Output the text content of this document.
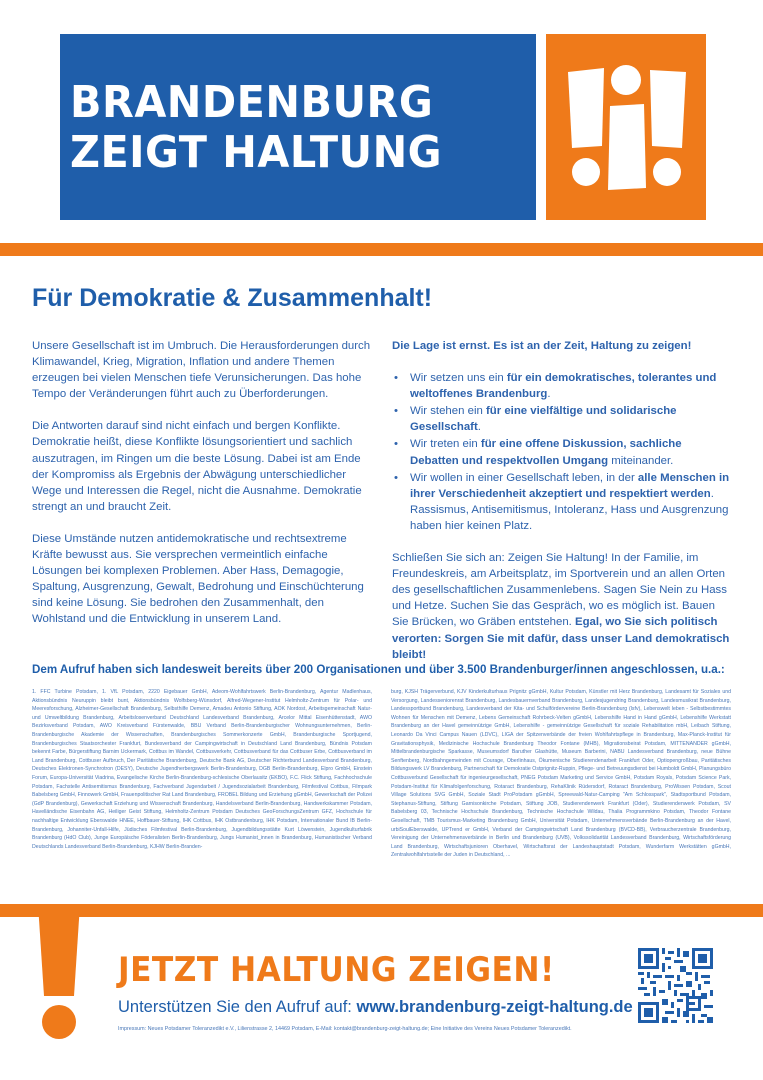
BRANDENBURG
ZEIGT HALTUNG
Für Demokratie & Zusammenhalt!

Unsere Gesellschaft ist im Umbruch. Die Herausforderungen durch Klimawandel, Krieg, Migration, Inflation und andere Themen erzeugen bei vielen Menschen tiefe Verunsicherungen. Das hohe Tempo der Veränderungen führt auch zu Überforderungen.

Die Antworten darauf sind nicht einfach und bergen Konflikte. Demokratie heißt, diese Konflikte lösungsorientiert und sachlich auszutragen, im Ringen um die beste Lösung. Dabei ist am Ende der Kompromiss als Ergebnis der Abwägung unterschiedlicher Wege und Interessen die Regel, nicht die Ausnahme. Demokratie strengt an und braucht Zeit.

Diese Umstände nutzen antidemokratische und rechtsextreme Kräfte bewusst aus. Sie versprechen vermeintlich einfache Lösungen bei komplexen Problemen. Aber Hass, Demagogie, Spaltung, Ausgrenzung, Gewalt, Bedrohung und Einschüchterung sind keine Lösung. Sie bedrohen den Zusammenhalt, den Wohlstand und die Entwicklung in unserem Land.

Die Lage ist ernst. Es ist an der Zeit, Haltung zu zeigen!

• Wir setzen uns ein für ein demokratisches, tolerantes und weltoffenes Brandenburg.
• Wir stehen ein für eine vielfältige und solidarische Gesellschaft.
• Wir treten ein für eine offene Diskussion, sachliche Debatten und respektvollen Umgang miteinander.
• Wir wollen in einer Gesellschaft leben, in der alle Menschen in ihrer Verschiedenheit akzeptiert und respektiert werden. Rassismus, Antisemitismus, Intoleranz, Hass und Ausgrenzung haben hier keinen Platz.

Schließen Sie sich an: Zeigen Sie Haltung! In der Familie, im Freundeskreis, am Arbeitsplatz, im Sportverein und an allen Orten des gesellschaftlichen Zusammenlebens. Sagen Sie Nein zu Hass und Hetze. Suchen Sie das Gespräch, wo es möglich ist. Bauen Sie Brücken, wo Gräben entstehen. Egal, wo Sie sich politisch verorten: Sorgen Sie mit dafür, dass unser Land demokratisch bleibt!

Dem Aufruf haben sich landesweit bereits über 200 Organisationen und über 3.500 Brandenburger/innen angeschlossen, u.a.:
1. FFC Turbine Potsdam, 1. VfL Potsdam, 2220 Eigebauer GmbH, Adeom-Wohlfahrtswerk Berlin-Brandenburg, Agentur Madlenhaus, Aktionsbündnis Neuruppin bleibt bunt, Aktionsbündnis Wolfsberg-Wünsdorf, Alfred-Wegener-Institut Helmholtz-Zentrum für Polar- und Meeresforschung, Alzheimer-Gesellschaft Brandenburg, Selbsthilfe Demenz, Amadeu Antonio Stiftung, AOK Nordost, Arbeitsgemeinschaft Natur- und Umweltbildung Brandenburg, Arbeitslosenverband Deutschland Landesverband Brandenburg, Arcelor Mittal Eisenhüttenstadt, AWO Bezirksverband Potsdam, AWO Kreisverband Fürstenwalde, BBU Verband Berlin-Brandenburgischer Wohnungsunternehmen, Berlin-Brandenburgische Akademie der Wissenschaften, Brandenburgisches Sommerkonzerte GmbH, Brandenburgische Sportjugend, Brandenburgisches Staatsorchester Frankfurt, Bundesverband der Campingwirtschaft in Deutschland Land Brandenburg, Bündnis Potsdam bekennt Farbe, Bürgerstiftung Barnim Uckermark, Cottbus im Wandel, Cottbusverkehr, Cottbusverband für das Cottbuser Erbe, Cottbusverband im Land Brandenburg, Cottbuser Aufbruch, Der Paritätische Brandenburg, Deutsche Bank AG, Deutscher Richterbund Landesverband Brandenburg, Deutsches Elektronen-Synchrotron (DESY), Deutsche Jugendherbergswerk Berlin-Brandenburg, DGB Berlin-Brandenburg, Elpro GmbH, Einstein Forum, Europa-Universität Viadrina, Evangelische Kirche Berlin-Brandenburg-schlesische Oberlausitz (EKBO), F.C. Flick Stiftung, Fachhochschule Potsdam, Fachstelle Antisemitismus Brandenburg, Fachverband Jugendarbeit / Jugendsozialarbeit Brandenburg, Filmfestival Cottbus, Filmpark Babelsberg GmbH, Finnowerk GmbH, Frauenpolitischer Rat Land Brandenburg, FROBEL Bildung und Erziehung gGmbH, Gewerkschaft der Polizei (GdP Brandenburg), Gewerkschaft Erziehung und Wissenschaft Brandenburg, Handelsverband Berlin-Brandenburg, Handwerkskammer Potsdam, Havelländische Eisenbahn AG, Heiliger Geist Stiftung, Helmholtz-Zentrum Potsdam Deutsches GeoForschungsZentrum GFZ, Hochschule für nachhaltige Entwicklung Eberswalde HNEE, Hoffbauer-Stiftung, IHK Cottbus, IHK Ostbrandenburg, IHK Potsdam, Internationaler Bund IB Berlin-Brandenburg, Johanniter-Unfall-Hilfe, Jüdisches Filmfestival Berlin-Brandenburg, Jugendbildungsstätte Kurt Löwenstein, Jugendkulturfabrik Brandenburg (HdO Club), Junge Europäische Föderalisten Berlin-Brandenburg, Jungs Humanist_innen in Brandenburg, Humanistischer Verband Deutschlands Landesverband Berlin-Brandenburg, KJHW Berlin-Branden-
burg, KJSH Trägerverbund, KJV Kinderkulturhaus Prignitz gGmbH, Kultur Potsdam, Künstler mit Herz Brandenburg, Landesamt für Soziales und Versorgung, Landesseniorenrat Brandenburg, Landesbauernverband Brandenburg, Landesjugendring Brandenburg, Landesmusikrat Brandenburg, Landessportbund Brandenburg, Landesverband der Kita- und Schulfördervereine Berlin-Brandenburg (lsfv), Lebenswelt leben - Selbstbestimmtes Wohnen für Menschen mit Demenz, Lebens Gemeinschaft Rohrbeck-Velten gGmbH, Lebenshilfe Hand in Hand gGmbH, Lebenshilfe Werkstatt Brandenburg an der Havel gemeinnützige GmbH, Lebenshilfe - gemeinnützige Gesellschaft für soziale Rehabilitation mbH, Leibach Stiftung, Leonardo Da Vinci Campus Nauen (LDVC), LIGA der Spitzenverbände der freien Wohlfahrtspflege in Brandenburg, Max-Planck-Institut für Gravitationsphysik, Medizinische Hochschule Brandenburg Theodor Fontane (MHB), Migrationsbeirat Potsdam, MITTENANDER gGmbH, Mittelbrandenburgische Sparkasse, Museumsdorf Baruther Glashütte, Museum Barberini, NABU Landesverband Brandenburg, neue Bühne Senftenberg, Nordbahngemeinden mit Courage, Oberlinhaus, Ökumenische Studierendenarbeit Frankfurt Oder, Optiopengroßbau, Paritätisches Bildungswerk LV Brandenburg, Partnerschaft für Demokratie Ostprignitz-Ruppin, Pflege- und Betreuungsdienst bei Humboldt GmbH, Planungsbüro Cottbusverbund Gesellschaft für ingenieurgesellschaft, PNEG Potsdam Marketing und Service GmbH, Potsdam Royals, Potsdam Science Park, Potsdam-Institut für Klimafolgenforschung, Rotaract Brandenburg, RehaKlinik Rüdersdorf, Rotaract Brandenburg, ProWissen Potsdam, Scout Village Solutions SVG GmbH, Soziale Stadt ProPotsdam gGmbH, Spreewald-Natur-Camping "Am Schlosspark", Stadtsportbund Potsdam, Stephanus-Stiftung, Stiftung Garnisonkirche Potsdam, Stiftung JOB, Studierendenwerk Frankfurt (Oder), Studierendenwerk Potsdam, SV Babelsberg 03, Technische Hochschule Brandenburg, Technische Hochschule Wildau, Thalia Programmkino Potsdam, Theodor Fontane Gesellschaft, TMB Tourismus-Marketing Brandenburg GmbH, Universität Potsdam, Unternehmensverbände Berlin-Brandenburg an der Havel, urbiSoulEberswalde, UPTrend er GmbH, Verband der Campingwirtschaft Land Brandenburg (BVCD-BB), Verbraucherzentrale Brandenburg, Vereinigung der Unternehmensverbände in Berlin und Brandenburg (UVB), Volkssolidarität Landesverband Brandenburg, Wirtschaftsförderung Land Brandenburg, Wirtschaftsjunioren Oberhavel, Wirtschaftsrat der Landeshauptstadt Potsdam, Wunderfarm Werkstätten gGmbH, Zentralwohlfahrtsstelle der Juden in Deutschland, ...
JETZT HALTUNG ZEIGEN!

Unterstützen Sie den Aufruf auf: www.brandenburg-zeigt-haltung.de

Impressum: Neues Potsdamer Toleranzedikt e.V., Lilienstrasse 2, 14469 Potsdam, E-Mail: kontakt@brandenburg-zeigt-haltung.de; Eine Initiative des Vereins Neues Potsdamer Toleranzedikt.
